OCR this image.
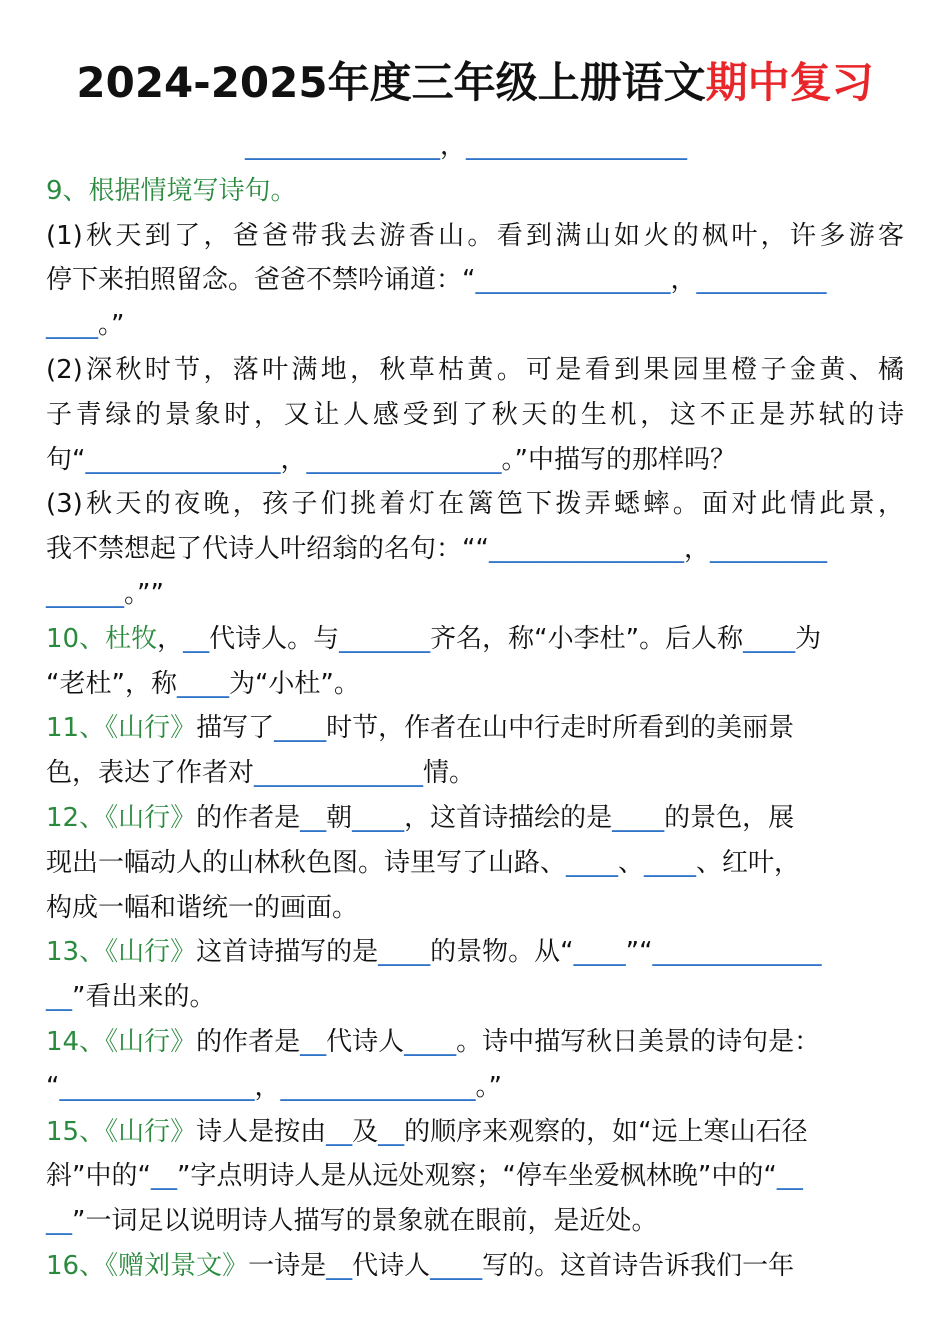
2024-2025年度三年级上册语文期中复习
_______________，_________________
9、根据情境写诗句。
(1)秋天到了，爸爸带我去游香山。看到满山如火的枫叶，许多游客
停下来拍照留念。爸爸不禁吟诵道：“_______________，__________
____。”
(2)深秋时节，落叶满地，秋草枯黄。可是看到果园里橙子金黄、橘
子青绿的景象时，又让人感受到了秋天的生机，这不正是苏轼的诗
句“_______________，_______________。”中描写的那样吗？
(3)秋天的夜晚，孩子们挑着灯在篱笆下拨弄蟋蟀。面对此情此景，
我不禁想起了代诗人叶绍翁的名句：““_______________，_________
______。””
10、杜牧，__代诗人。与_______齐名，称“小李杜”。后人称____为
“老杜”，称____为“小杜”。
11、《山行》描写了____时节，作者在山中行走时所看到的美丽景
色，表达了作者对_____________情。
12、《山行》的作者是__朝____，这首诗描绘的是____的景色，展
现出一幅动人的山林秋色图。诗里写了山路、____、____、红叶，
构成一幅和谐统一的画面。
13、《山行》这首诗描写的是____的景物。从“____”“_____________
__”看出来的。
14、《山行》的作者是__代诗人____。诗中描写秋日美景的诗句是：
“_______________，_______________。”
15、《山行》诗人是按由__及__的顺序来观察的，如“远上寒山石径
斜”中的“__”字点明诗人是从远处观察；“停车坐爱枫林晚”中的“__
__”一词足以说明诗人描写的景象就在眼前，是近处。
16、《赠刘景文》一诗是__代诗人____写的。这首诗告诉我们一年
